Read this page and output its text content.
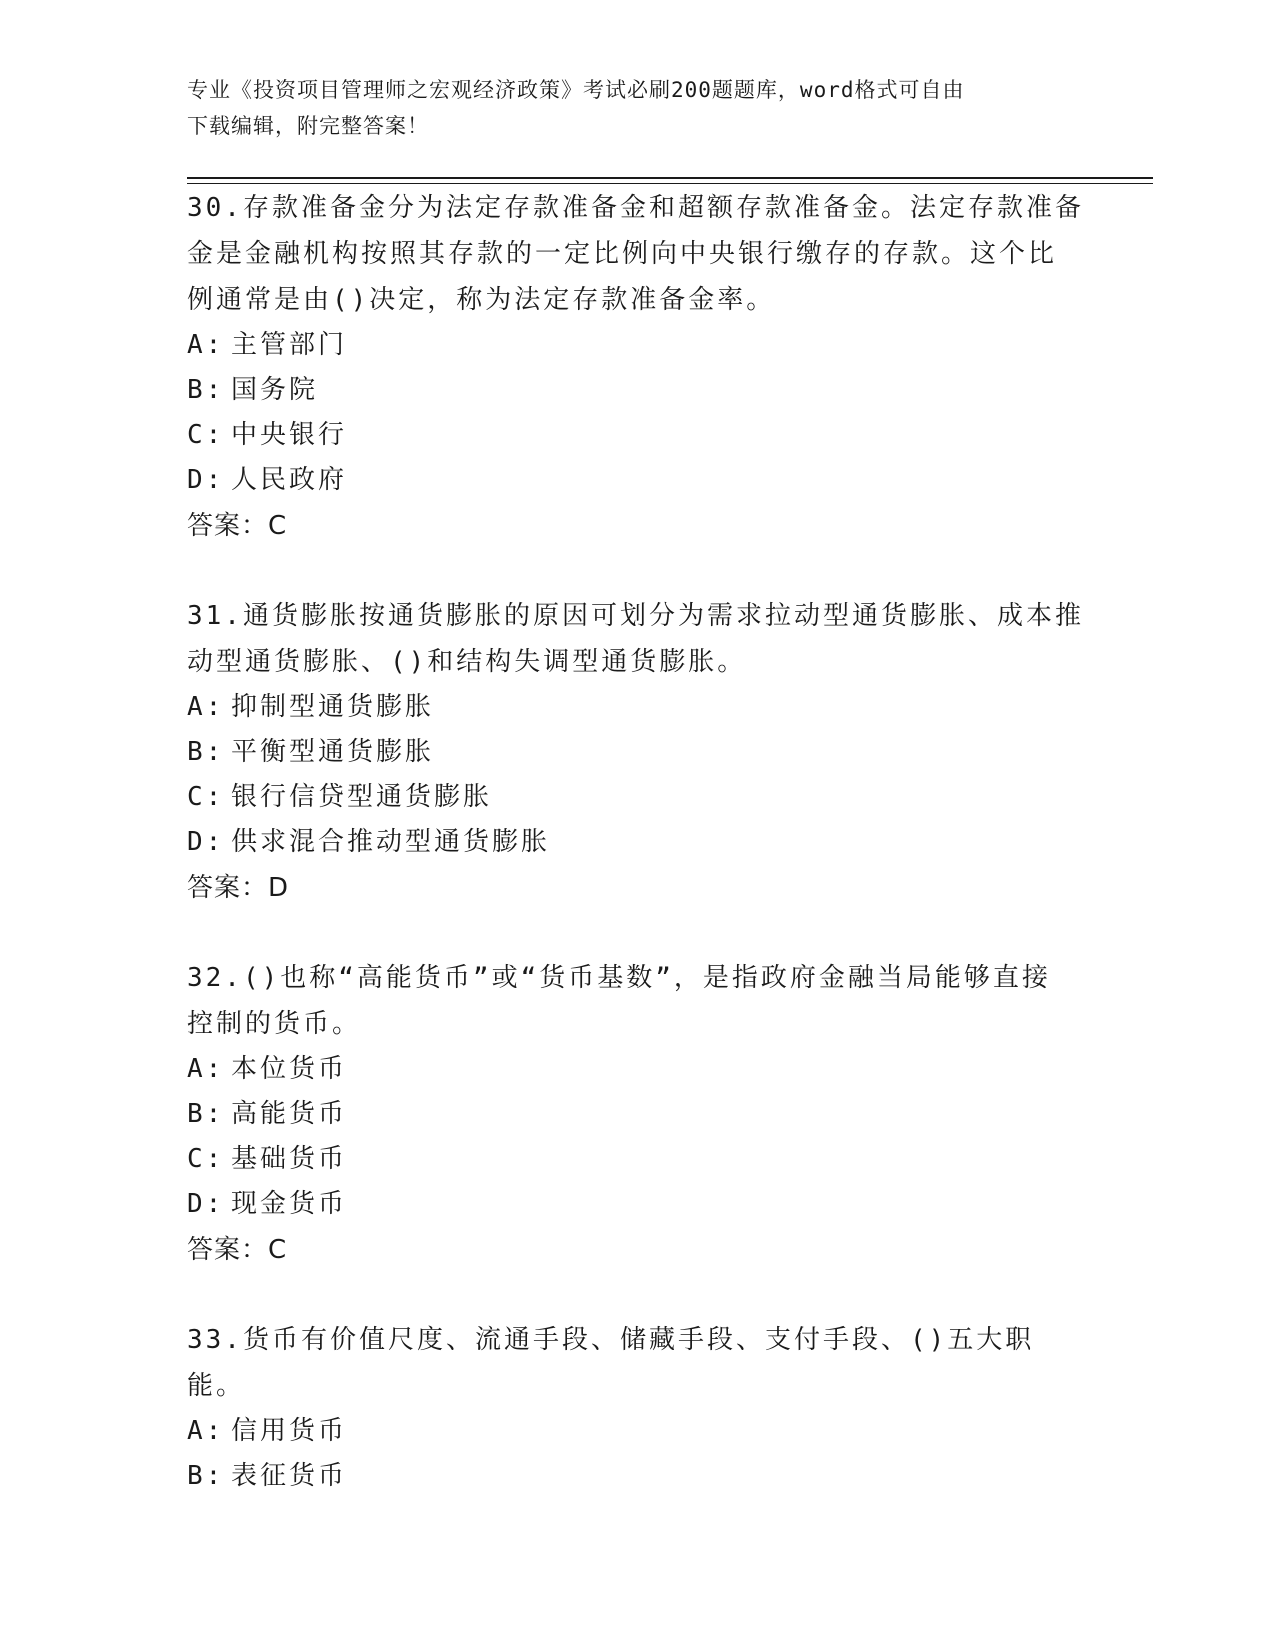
专业《投资项目管理师之宏观经济政策》考试必刷200题题库，word格式可自由
下载编辑，附完整答案！

30.存款准备金分为法定存款准备金和超额存款准备金。法定存款准备

金是金融机构按照其存款的一定比例向中央银行缴存的存款。这个比

例通常是由()决定，称为法定存款准备金率。

A: 主管部门

B: 国务院

C: 中央银行

D: 人民政府

答案：C

31.通货膨胀按通货膨胀的原因可划分为需求拉动型通货膨胀、成本推

动型通货膨胀、()和结构失调型通货膨胀。

A: 抑制型通货膨胀

B: 平衡型通货膨胀

C: 银行信贷型通货膨胀

D: 供求混合推动型通货膨胀

答案：D

32.()也称“高能货币”或“货币基数”，是指政府金融当局能够直接

控制的货币。

A: 本位货币

B: 高能货币

C: 基础货币

D: 现金货币

答案：C

33.货币有价值尺度、流通手段、储藏手段、支付手段、()五大职能。

A: 信用货币

B: 表征货币
